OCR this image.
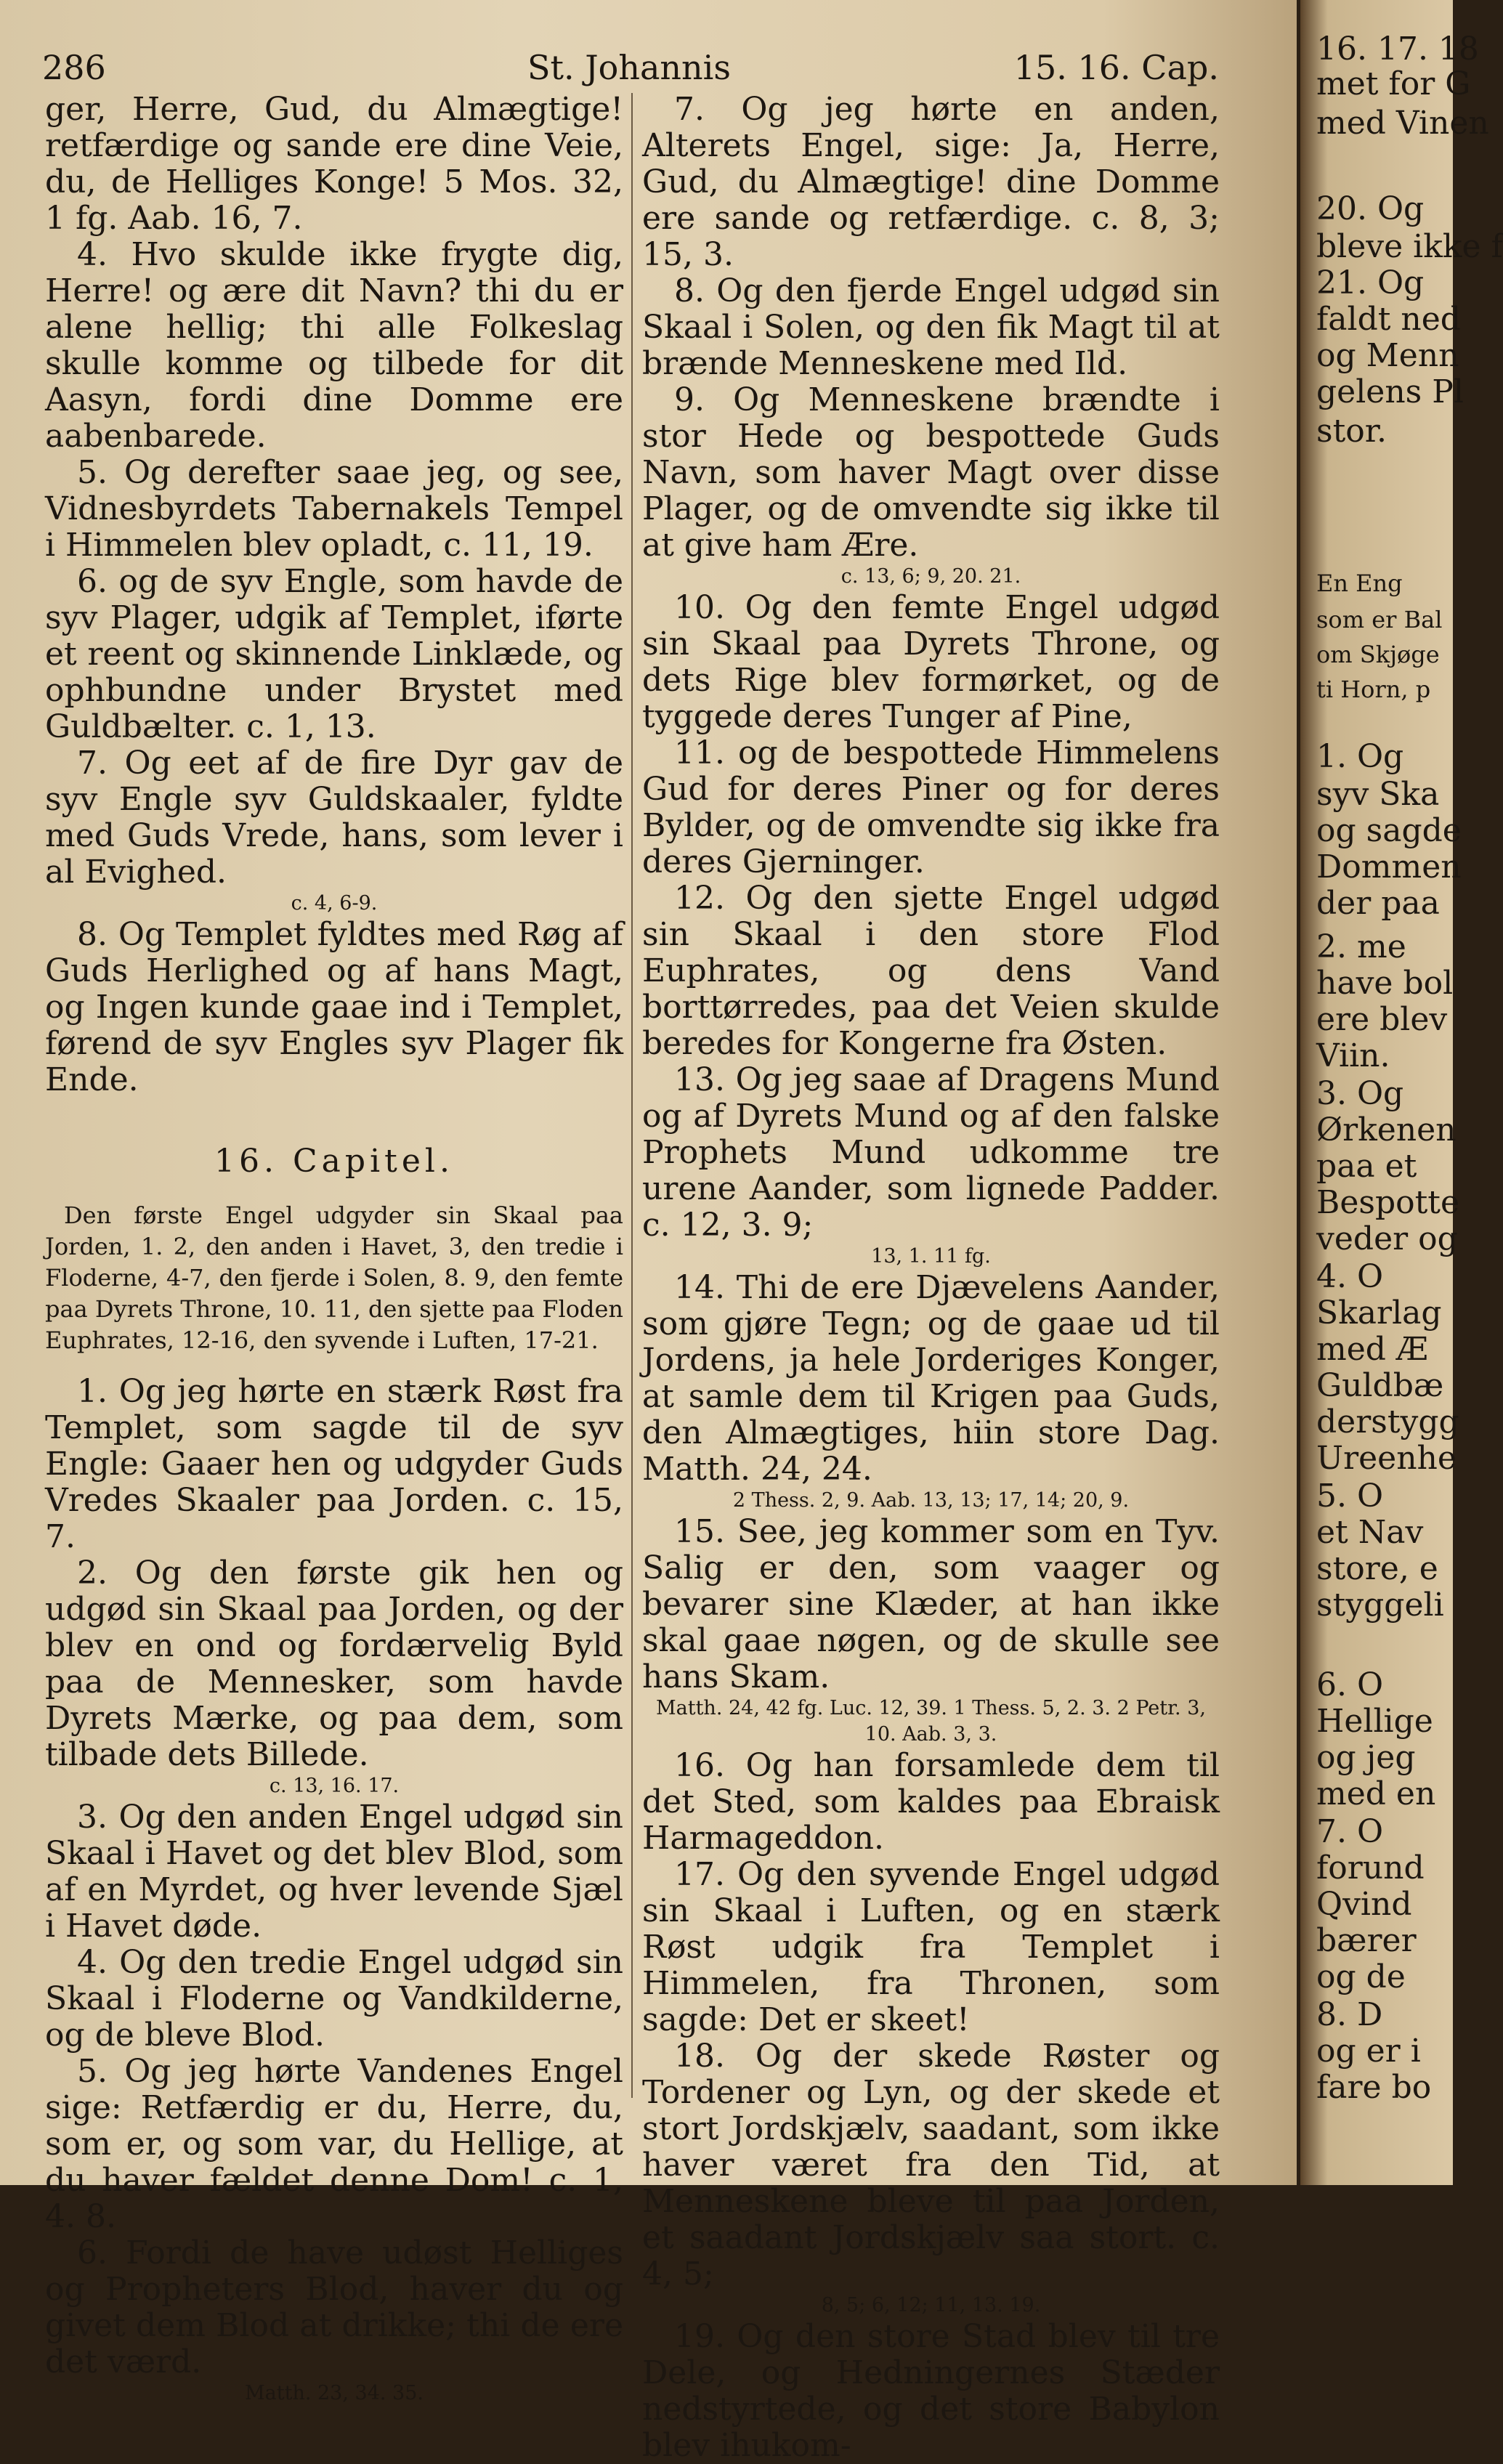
286	St. Johannis	15. 16. Cap.

ger, Herre, Gud, du Almægtige! retfærdige og sande ere dine Veie, du, de Helliges Konge! 5 Mos. 32, 1 fg. Aab. 16, 7.

4. Hvo skulde ikke frygte dig, Herre! og ære dit Navn? thi du er alene hellig; thi alle Folkeslag skulle komme og tilbede for dit Aasyn, fordi dine Domme ere aabenbarede.

5. Og derefter saae jeg, og see, Vidnesbyrdets Tabernakels Tempel i Himmelen blev opladt, c. 11, 19.

6. og de syv Engle, som havde de syv Plager, udgik af Templet, iførte et reent og skinnende Linklæde, og ophbundne under Brystet med Guldbælter. c. 1, 13.

7. Og eet af de fire Dyr gav de syv Engle syv Guldskaaler, fyldte med Guds Vrede, hans, som lever i al Evighed.

c. 4, 6-9.

8. Og Templet fyldtes med Røg af Guds Herlighed og af hans Magt, og Ingen kunde gaae ind i Templet, førend de syv Engles syv Plager fik Ende.

16. Capitel.

Den første Engel udgyder sin Skaal paa Jorden, 1. 2, den anden i Havet, 3, den tredie i Floderne, 4-7, den fjerde i Solen, 8. 9, den femte paa Dyrets Throne, 10. 11, den sjette paa Floden Euphrates, 12-16, den syvende i Luften, 17-21.

1. Og jeg hørte en stærk Røst fra Templet, som sagde til de syv Engle: Gaaer hen og udgyder Guds Vredes Skaaler paa Jorden. c. 15, 7.

2. Og den første gik hen og udgød sin Skaal paa Jorden, og der blev en ond og fordærvelig Byld paa de Mennesker, som havde Dyrets Mærke, og paa dem, som tilbade dets Billede.

c. 13, 16. 17.

3. Og den anden Engel udgød sin Skaal i Havet og det blev Blod, som af en Myrdet, og hver levende Sjæl i Havet døde.

4. Og den tredie Engel udgød sin Skaal i Floderne og Vandkilderne, og de bleve Blod.

5. Og jeg hørte Vandenes Engel sige: Retfærdig er du, Herre, du, som er, og som var, du Hellige, at du haver fældet denne Dom! c. 1, 4. 8.

6. Fordi de have udøst Helliges og Propheters Blod, haver du og givet dem Blod at drikke; thi de ere det værd.

Matth. 23, 34. 35.

7. Og jeg hørte en anden, Alterets Engel, sige: Ja, Herre, Gud, du Almægtige! dine Domme ere sande og retfærdige. c. 8, 3; 15, 3.

8. Og den fjerde Engel udgød sin Skaal i Solen, og den fik Magt til at brænde Menneskene med Ild.

9. Og Menneskene brændte i stor Hede og bespottede Guds Navn, som haver Magt over disse Plager, og de omvendte sig ikke til at give ham Ære.

c. 13, 6; 9, 20. 21.

10. Og den femte Engel udgød sin Skaal paa Dyrets Throne, og dets Rige blev formørket, og de tyggede deres Tunger af Pine,

11. og de bespottede Himmelens Gud for deres Piner og for deres Bylder, og de omvendte sig ikke fra deres Gjerninger.

12. Og den sjette Engel udgød sin Skaal i den store Flod Euphrates, og dens Vand borttørredes, paa det Veien skulde beredes for Kongerne fra Østen.

13. Og jeg saae af Dragens Mund og af Dyrets Mund og af den falske Prophets Mund udkomme tre urene Aander, som lignede Padder. c. 12, 3. 9;

13, 1. 11 fg.

14. Thi de ere Djævelens Aander, som gjøre Tegn; og de gaae ud til Jordens, ja hele Jorderiges Konger, at samle dem til Krigen paa Guds, den Almægtiges, hiin store Dag. Matth. 24, 24.

2 Thess. 2, 9. Aab. 13, 13; 17, 14; 20, 9.

15. See, jeg kommer som en Tyv. Salig er den, som vaager og bevarer sine Klæder, at han ikke skal gaae nøgen, og de skulle see hans Skam.

Matth. 24, 42 fg. Luc. 12, 39. 1 Thess. 5, 2. 3. 2 Petr. 3, 10. Aab. 3, 3.

16. Og han forsamlede dem til det Sted, som kaldes paa Ebraisk Harmageddon.

17. Og den syvende Engel udgød sin Skaal i Luften, og en stærk Røst udgik fra Templet i Himmelen, fra Thronen, som sagde: Det er skeet!

18. Og der skede Røster og Tordener og Lyn, og der skede et stort Jordskjælv, saadant, som ikke haver været fra den Tid, at Menneskene bleve til paa Jorden, et saadant Jordskjælv saa stort. c. 4, 5;

8, 5; 6, 12; 11, 13. 19.

19. Og den store Stad blev til tre Dele, og Hedningernes Stæder nedstyrtede, og det store Babylon blev ihukom-

16. 17. 18
met for G
med Vinen
20. Og
bleve ikke f
21. Og
faldt ned
og Menn
gelens Pl
stor.
En Eng
som er Bal
om Skjøge
ti Horn, p
1. Og
syv Ska
og sagde
Dommen
der paa
2. me
have bol
ere blev
Viin.
3. Og
Ørkenen
paa et
Bespotte
veder og
4. O
Skarlag
med Æ
Guldbæ
derstygg
Ureenhe
5. O
et Nav
store, e
styggeli
6. O
Hellige
og jeg
med en
7. O
forund
Qvind
bærer
og de
8. D
og er i
fare bo
